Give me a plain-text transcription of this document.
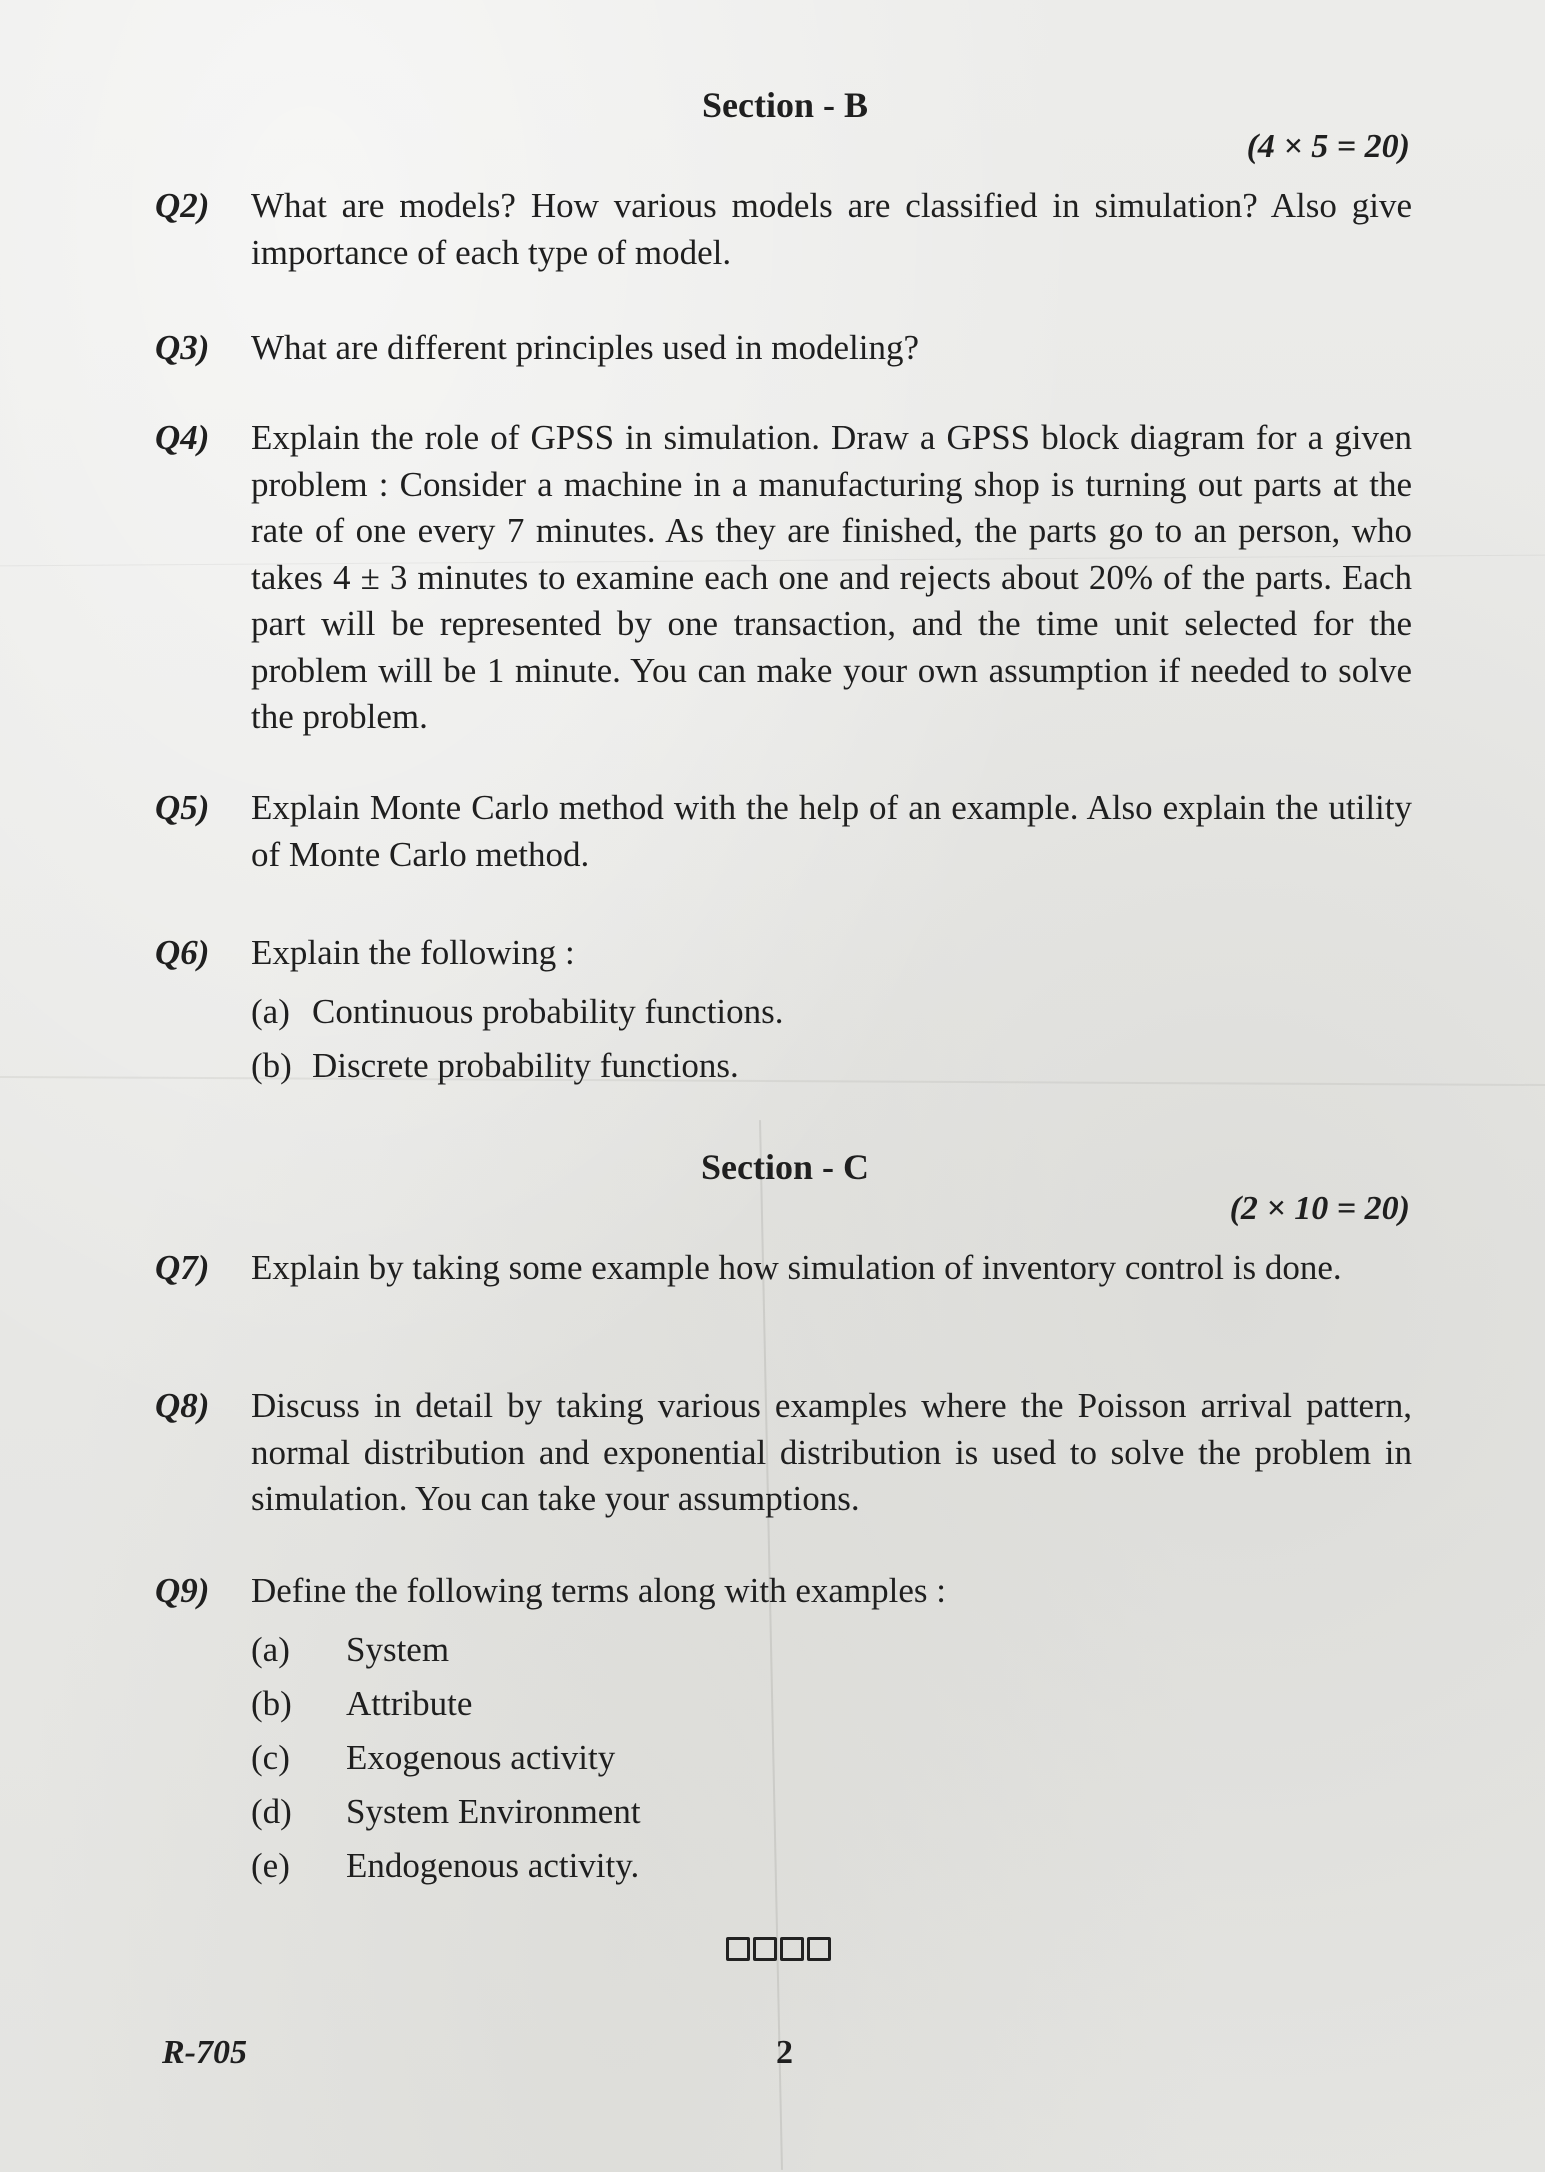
Section - B
(4 × 5 = 20)
Q2)	What are models? How various models are classified in simulation? Also give importance of each type of model.
Q3)	What are different principles used in modeling?
Q4)	Explain the role of GPSS in simulation. Draw a GPSS block diagram for a given problem : Consider a machine in a manufacturing shop is turning out parts at the rate of one every 7 minutes. As they are finished, the parts go to an person, who takes 4 ± 3 minutes to examine each one and rejects about 20% of the parts. Each part will be represented by one transaction, and the time unit selected for the problem will be 1 minute. You can make your own assumption if needed to solve the problem.
Q5)	Explain Monte Carlo method with the help of an example. Also explain the utility of Monte Carlo method.
Q6)	Explain the following :
(a) Continuous probability functions.
(b) Discrete probability functions.
Section - C
(2 × 10 = 20)
Q7)	Explain by taking some example how simulation of inventory control is done.
Q8)	Discuss in detail by taking various examples where the Poisson arrival pattern, normal distribution and exponential distribution is used to solve the problem in simulation. You can take your assumptions.
Q9)	Define the following terms along with examples :
(a)	System
(b)	Attribute
(c)	Exogenous activity
(d)	System Environment
(e)	Endogenous activity.
R-705	2
